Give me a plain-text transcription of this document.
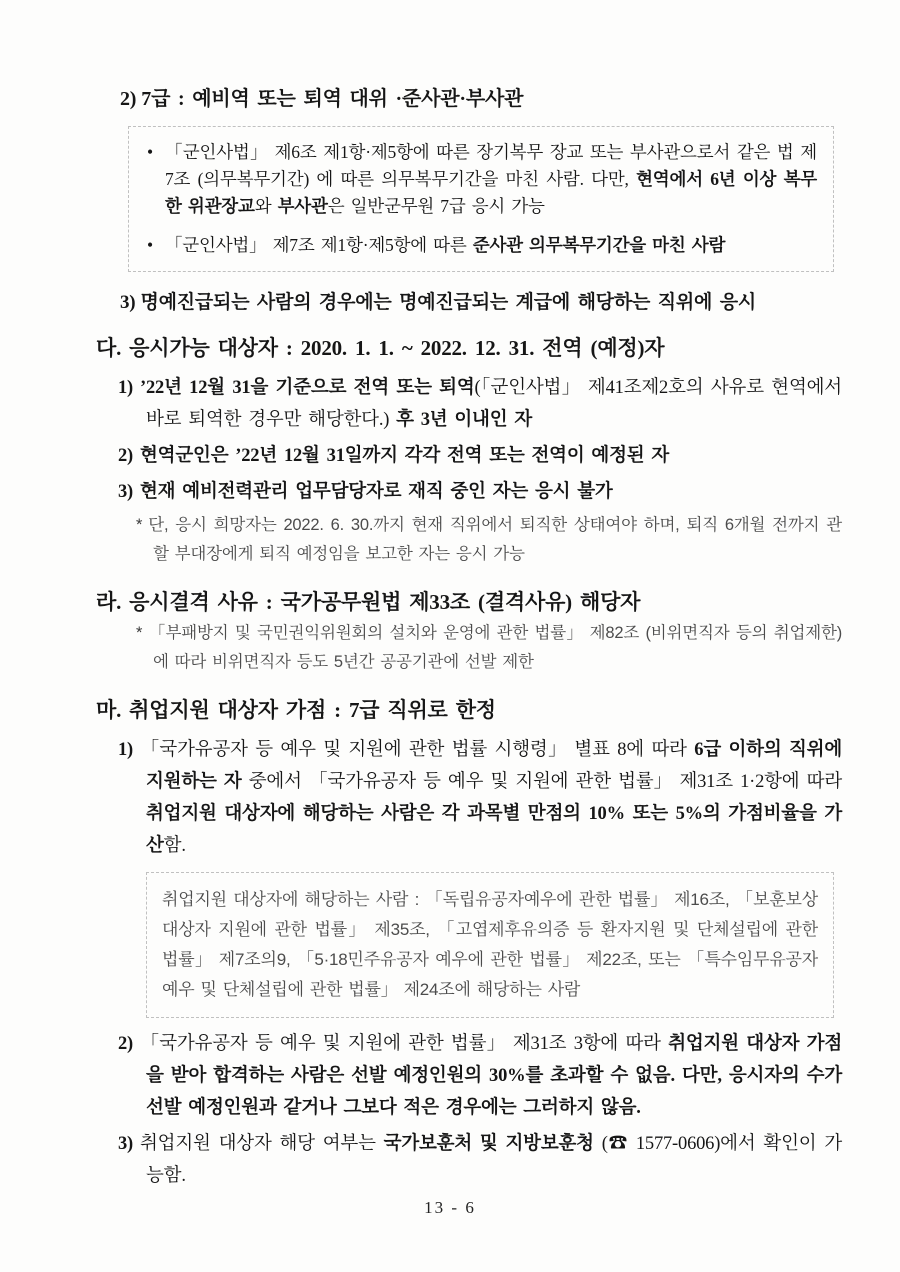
2) 7급 : 예비역 또는 퇴역 대위 ·준사관·부사관
• 「군인사법」 제6조 제1항·제5항에 따른 장기복무 장교 또는 부사관으로서 같은 법 제7조 (의무복무기간) 에 따른 의무복무기간을 마친 사람. 다만, 현역에서 6년 이상 복무한 위관장교와 부사관은 일반군무원 7급 응시 가능
• 「군인사법」 제7조 제1항·제5항에 따른 준사관 의무복무기간을 마친 사람
3) 명예진급되는 사람의 경우에는 명예진급되는 계급에 해당하는 직위에 응시
다. 응시가능 대상자 : 2020. 1. 1. ~ 2022. 12. 31. 전역 (예정)자
1) ’22년 12월 31을 기준으로 전역 또는 퇴역(「군인사법」 제41조제2호의 사유로 현역에서 바로 퇴역한 경우만 해당한다.) 후 3년 이내인 자
2) 현역군인은 ’22년 12월 31일까지 각각 전역 또는 전역이 예정된 자
3) 현재 예비전력관리 업무담당자로 재직 중인 자는 응시 불가
* 단, 응시 희망자는 2022. 6. 30.까지 현재 직위에서 퇴직한 상태여야 하며, 퇴직 6개월 전까지 관할 부대장에게 퇴직 예정임을 보고한 자는 응시 가능
라. 응시결격 사유 : 국가공무원법 제33조 (결격사유) 해당자
* 「부패방지 및 국민권익위원회의 설치와 운영에 관한 법률」 제82조 (비위면직자 등의 취업제한)에 따라 비위면직자 등도 5년간 공공기관에 선발 제한
마. 취업지원 대상자 가점 : 7급 직위로 한정
1) 「국가유공자 등 예우 및 지원에 관한 법률 시행령」 별표 8에 따라 6급 이하의 직위에 지원하는 자 중에서 「국가유공자 등 예우 및 지원에 관한 법률」 제31조 1·2항에 따라 취업지원 대상자에 해당하는 사람은 각 과목별 만점의 10% 또는 5%의 가점비율을 가산함.
취업지원 대상자에 해당하는 사람 : 「독립유공자예우에 관한 법률」 제16조, 「보훈보상대상자 지원에 관한 법률」 제35조, 「고엽제후유의증 등 환자지원 및 단체설립에 관한 법률」 제7조의9, 「5·18민주유공자 예우에 관한 법률」 제22조, 또는 「특수임무유공자 예우 및 단체설립에 관한 법률」 제24조에 해당하는 사람
2) 「국가유공자 등 예우 및 지원에 관한 법률」 제31조 3항에 따라 취업지원 대상자 가점을 받아 합격하는 사람은 선발 예정인원의 30%를 초과할 수 없음. 다만, 응시자의 수가 선발 예정인원과 같거나 그보다 적은 경우에는 그러하지 않음.
3) 취업지원 대상자 해당 여부는 국가보훈처 및 지방보훈청 (☎ 1577-0606)에서 확인이 가능함.
13 - 6
